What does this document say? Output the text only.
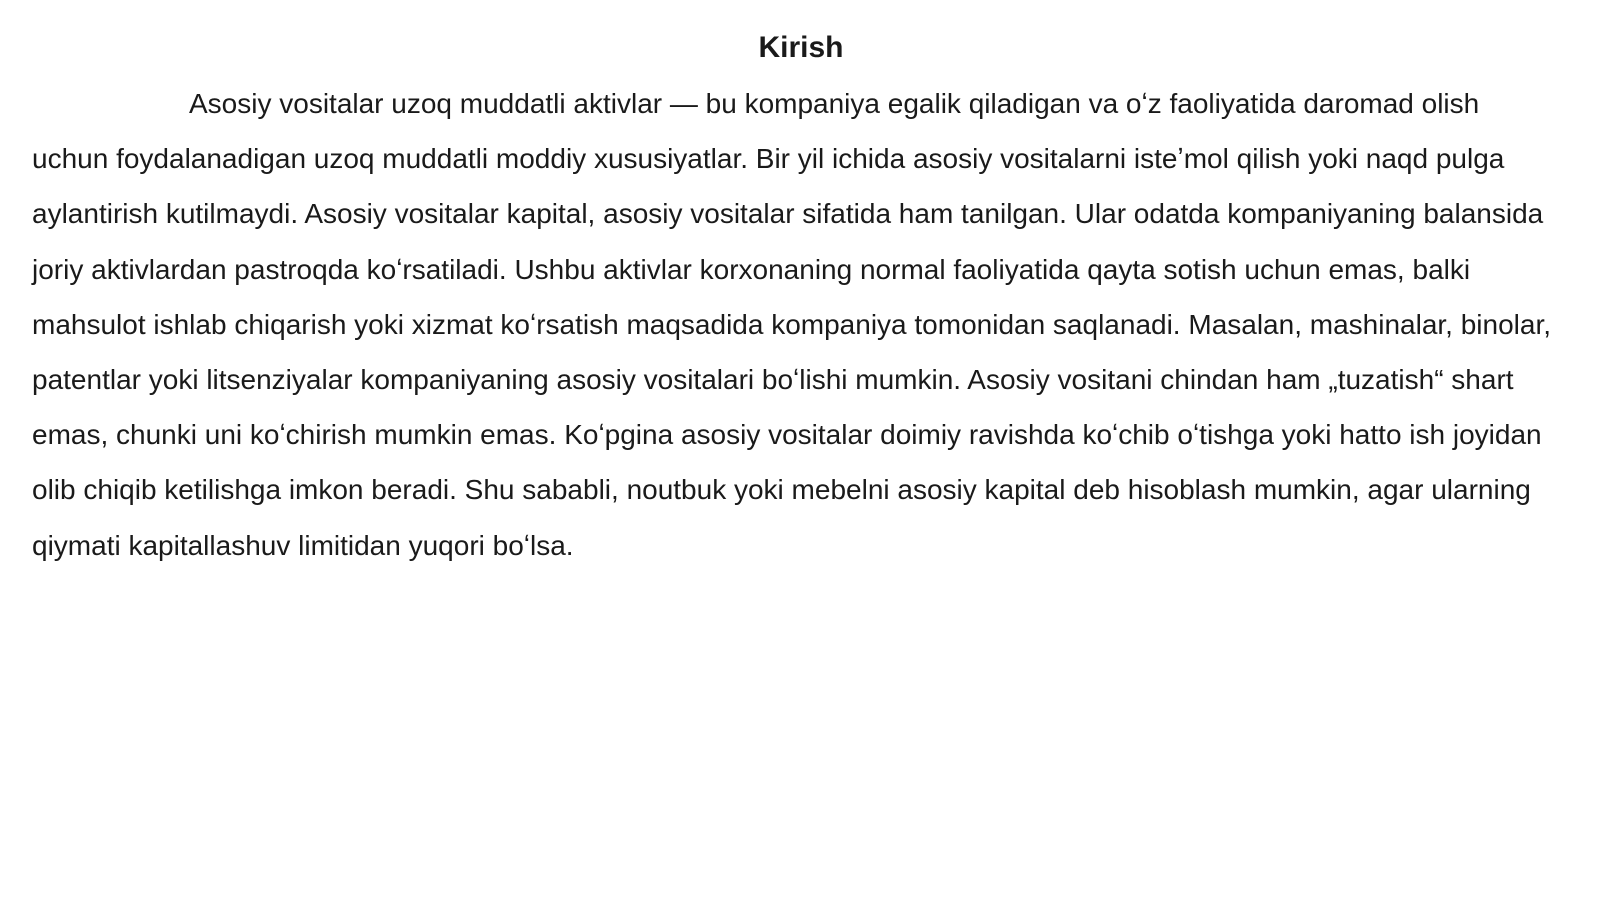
Kirish

Asosiy vositalar uzoq muddatli aktivlar — bu kompaniya egalik qiladigan va oʻz faoliyatida daromad olish uchun foydalanadigan uzoq muddatli moddiy xususiyatlar. Bir yil ichida asosiy vositalarni isteʼmol qilish yoki naqd pulga aylantirish kutilmaydi. Asosiy vositalar kapital, asosiy vositalar sifatida ham tanilgan. Ular odatda kompaniyaning balansida joriy aktivlardan pastroqda koʻrsatiladi. Ushbu aktivlar korxonaning normal faoliyatida qayta sotish uchun emas, balki mahsulot ishlab chiqarish yoki xizmat koʻrsatish maqsadida kompaniya tomonidan saqlanadi. Masalan, mashinalar, binolar, patentlar yoki litsenziyalar kompaniyaning asosiy vositalari boʻlishi mumkin. Asosiy vositani chindan ham „tuzatish“ shart emas, chunki uni koʻchirish mumkin emas. Koʻpgina asosiy vositalar doimiy ravishda koʻchib oʻtishga yoki hatto ish joyidan olib chiqib ketilishga imkon beradi. Shu sababli, noutbuk yoki mebelni asosiy kapital deb hisoblash mumkin, agar ularning qiymati kapitallashuv limitidan yuqori boʻlsa.
